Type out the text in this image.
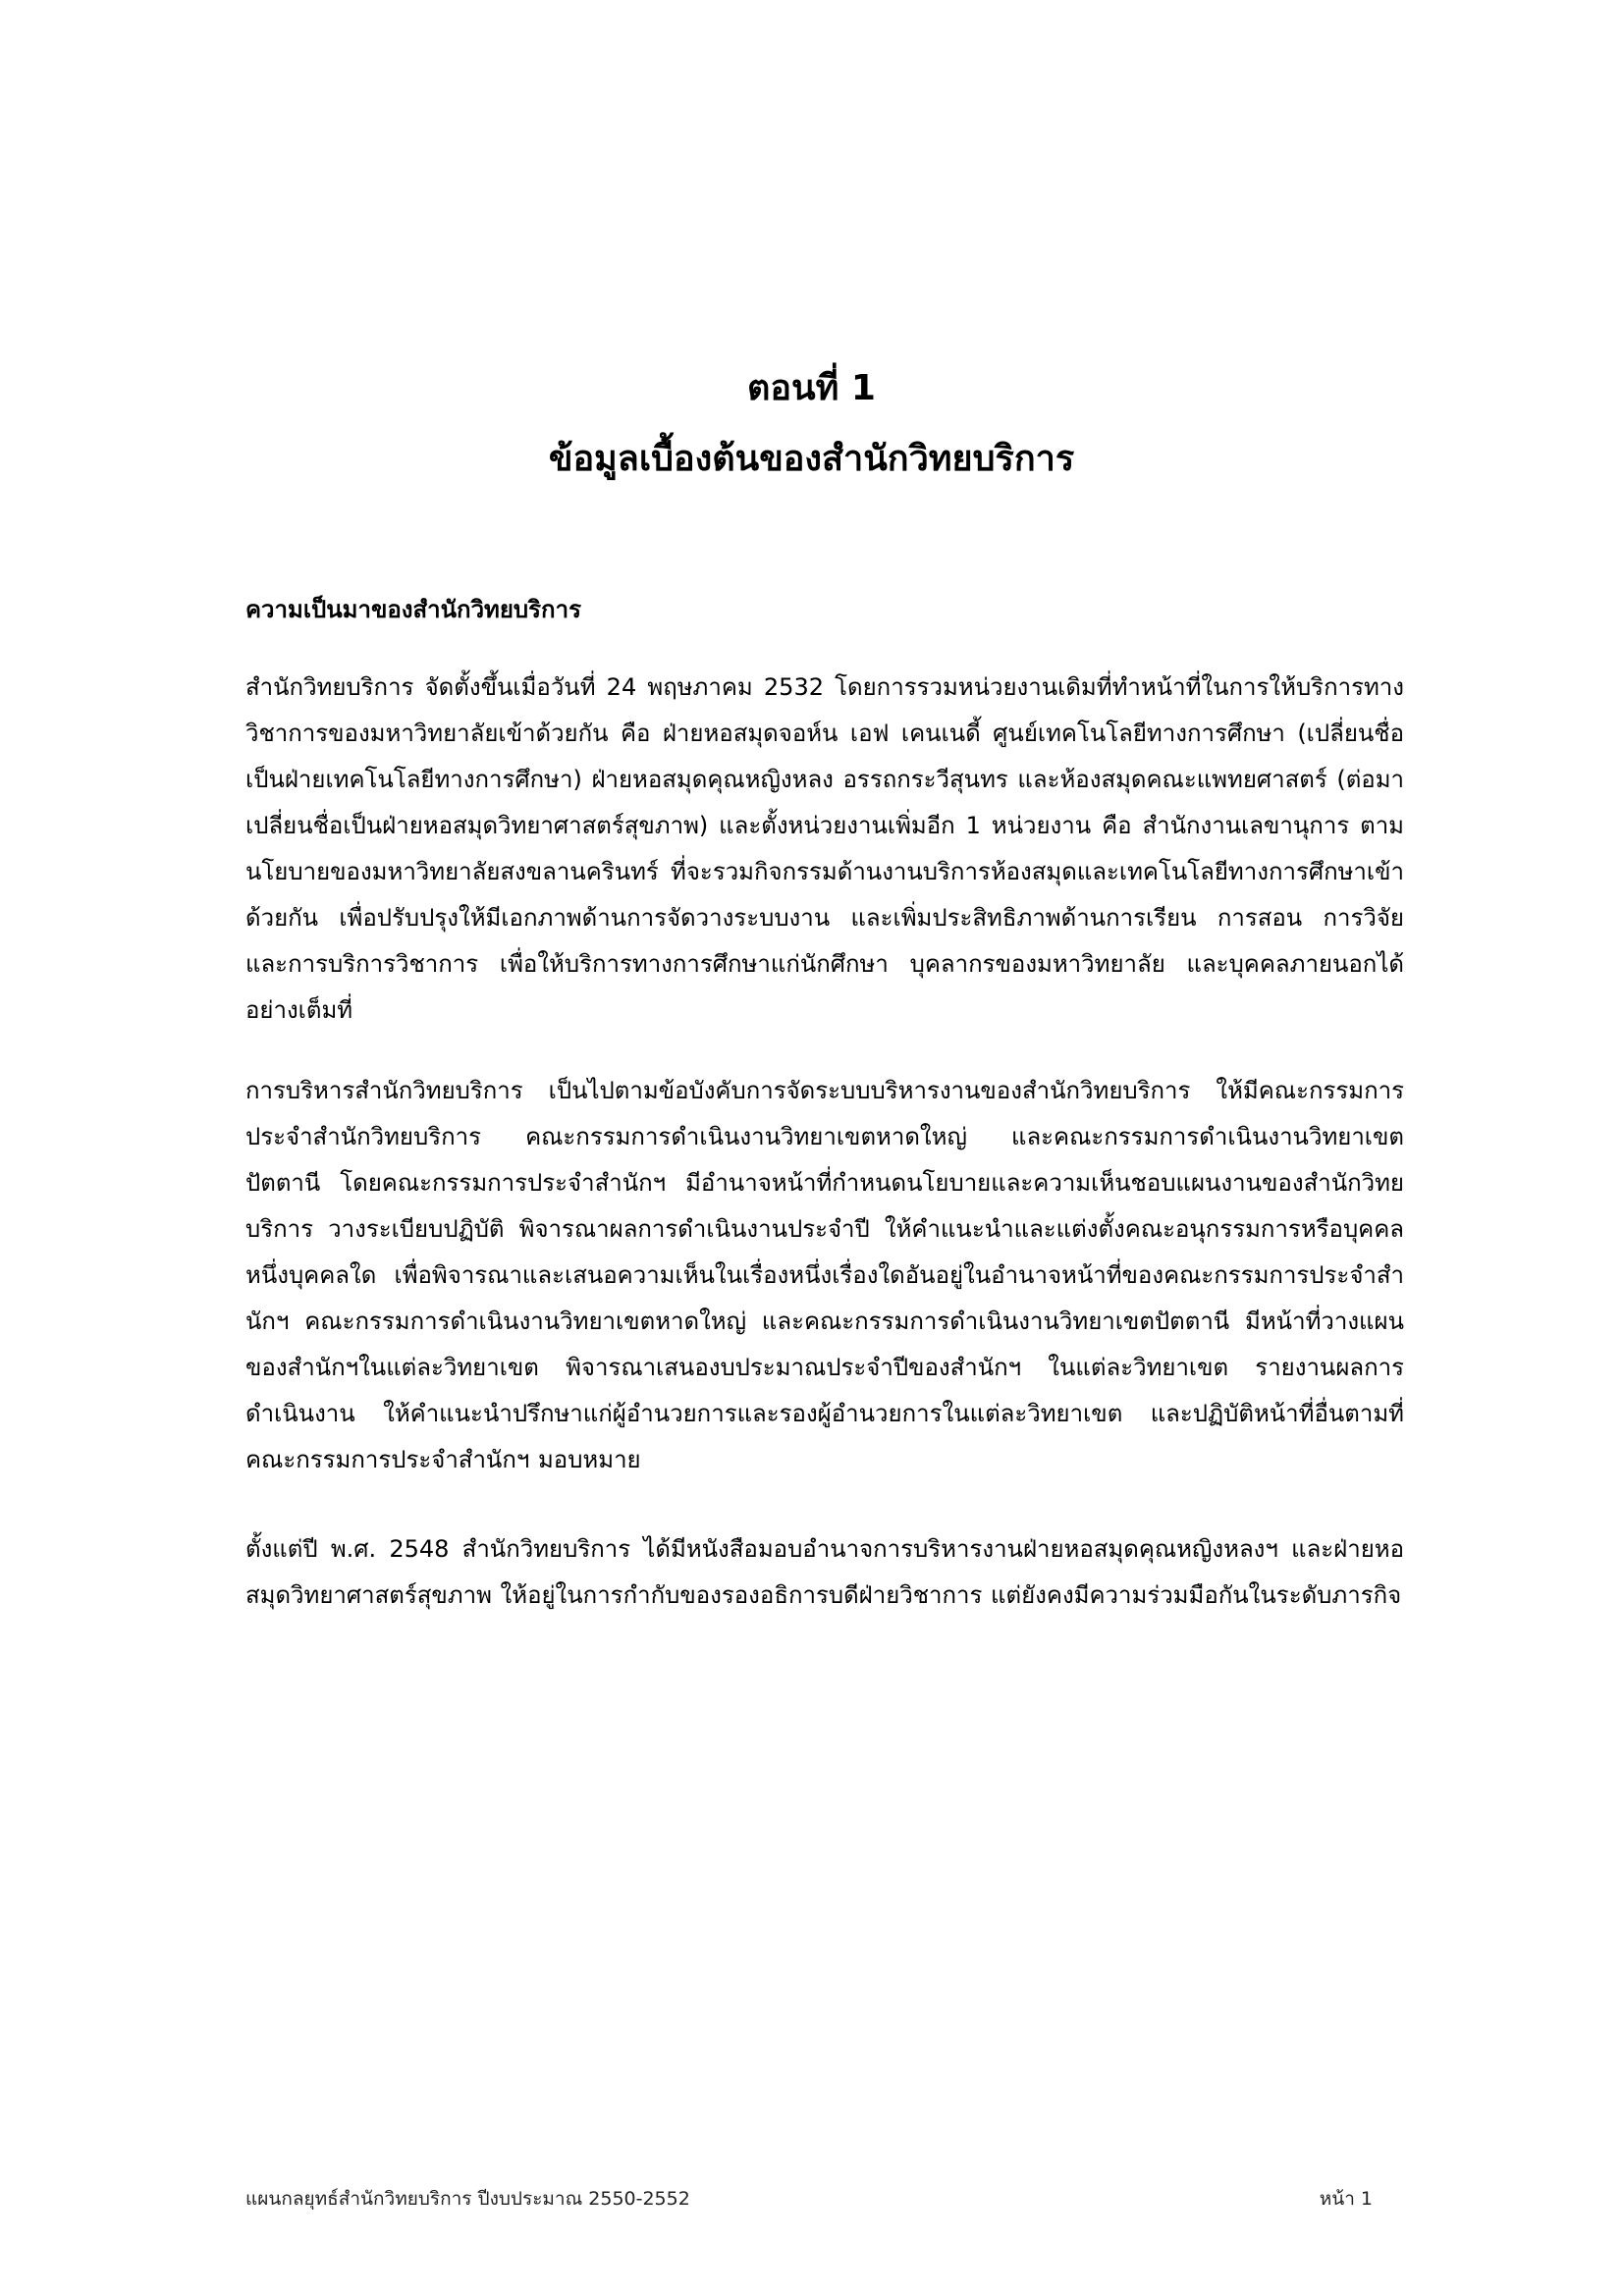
ตอนที่ 1
ข้อมูลเบื้องต้นของสำนักวิทยบริการ
ความเป็นมาของสำนักวิทยบริการ

สำนักวิทยบริการ จัดตั้งขึ้นเมื่อวันที่ 24 พฤษภาคม 2532 โดยการรวมหน่วยงานเดิมที่ทำหน้าที่ในการให้บริการทางวิชาการของมหาวิทยาลัยเข้าด้วยกัน คือ ฝ่ายหอสมุดจอห์น เอฟ เคนเนดี้ ศูนย์เทคโนโลยีทางการศึกษา (เปลี่ยนชื่อเป็นฝ่ายเทคโนโลยีทางการศึกษา) ฝ่ายหอสมุดคุณหญิงหลง อรรถกระวีสุนทร และห้องสมุดคณะแพทยศาสตร์ (ต่อมาเปลี่ยนชื่อเป็นฝ่ายหอสมุดวิทยาศาสตร์สุขภาพ) และตั้งหน่วยงานเพิ่มอีก 1 หน่วยงาน คือ สำนักงานเลขานุการ ตามนโยบายของมหาวิทยาลัยสงขลานครินทร์ ที่จะรวมกิจกรรมด้านงานบริการห้องสมุดและเทคโนโลยีทางการศึกษาเข้าด้วยกัน เพื่อปรับปรุงให้มีเอกภาพด้านการจัดวางระบบงาน และเพิ่มประสิทธิภาพด้านการเรียน การสอน การวิจัย และการบริการวิชาการ เพื่อให้บริการทางการศึกษาแก่นักศึกษา บุคลากรของมหาวิทยาลัย และบุคคลภายนอกได้อย่างเต็มที่

การบริหารสำนักวิทยบริการ เป็นไปตามข้อบังคับการจัดระบบบริหารงานของสำนักวิทยบริการ ให้มีคณะกรรมการประจำสำนักวิทยบริการ คณะกรรมการดำเนินงานวิทยาเขตหาดใหญ่ และคณะกรรมการดำเนินงานวิทยาเขตปัตตานี โดยคณะกรรมการประจำสำนักฯ มีอำนาจหน้าที่กำหนดนโยบายและความเห็นชอบแผนงานของสำนักวิทยบริการ วางระเบียบปฏิบัติ พิจารณาผลการดำเนินงานประจำปี ให้คำแนะนำและแต่งตั้งคณะอนุกรรมการหรือบุคคลหนึ่งบุคคลใด เพื่อพิจารณาและเสนอความเห็นในเรื่องหนึ่งเรื่องใดอันอยู่ในอำนาจหน้าที่ของคณะกรรมการประจำสำนักฯ คณะกรรมการดำเนินงานวิทยาเขตหาดใหญ่ และคณะกรรมการดำเนินงานวิทยาเขตปัตตานี มีหน้าที่วางแผนของสำนักฯในแต่ละวิทยาเขต พิจารณาเสนองบประมาณประจำปีของสำนักฯ ในแต่ละวิทยาเขต รายงานผลการดำเนินงาน ให้คำแนะนำปรึกษาแก่ผู้อำนวยการและรองผู้อำนวยการในแต่ละวิทยาเขต และปฏิบัติหน้าที่อื่นตามที่คณะกรรมการประจำสำนักฯ มอบหมาย

ตั้งแต่ปี พ.ศ. 2548 สำนักวิทยบริการ ได้มีหนังสือมอบอำนาจการบริหารงานฝ่ายหอสมุดคุณหญิงหลงฯ และฝ่ายหอสมุดวิทยาศาสตร์สุขภาพ ให้อยู่ในการกำกับของรองอธิการบดีฝ่ายวิชาการ แต่ยังคงมีความร่วมมือกันในระดับภารกิจ

แผนกลยุทธ์สำนักวิทยบริการ ปีงบประมาณ 2550-2552	หน้า 1
